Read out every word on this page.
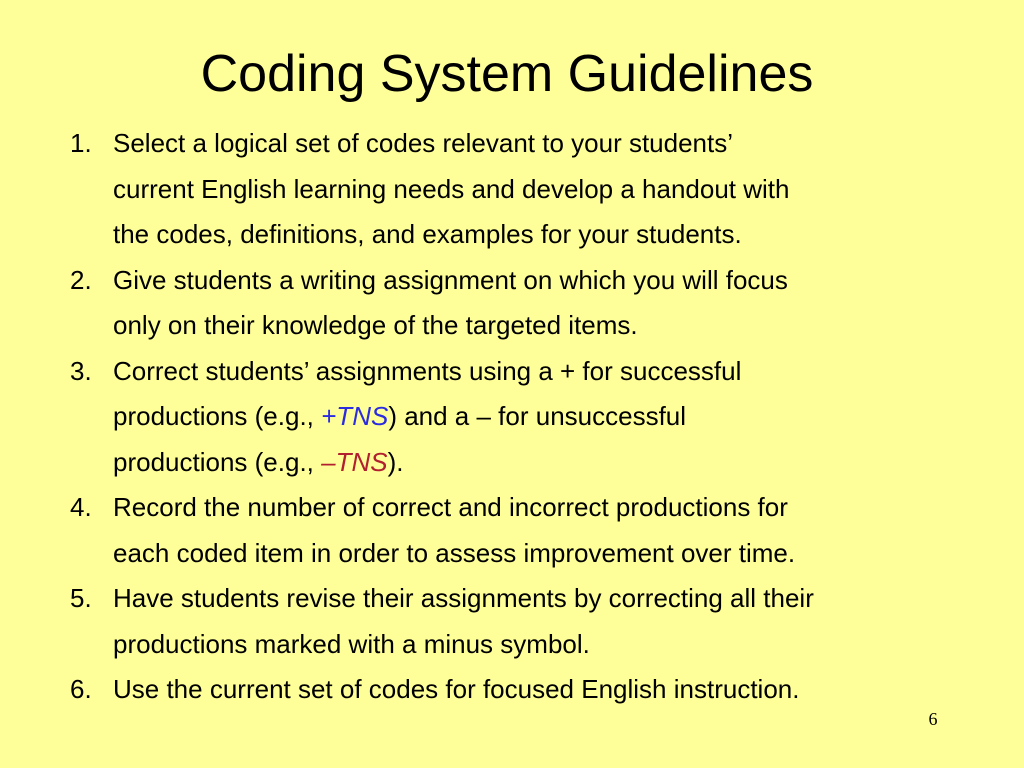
Coding System Guidelines
1. Select a logical set of codes relevant to your students’
current English learning needs and develop a handout with
the codes, definitions, and examples for your students.
2. Give students a writing assignment on which you will focus
only on their knowledge of the targeted items.
3. Correct students’ assignments using a + for successful
productions (e.g., +TNS) and a – for unsuccessful
productions (e.g., –TNS).
4. Record the number of correct and incorrect productions for
each coded item in order to assess improvement over time.
5. Have students revise their assignments by correcting all their
productions marked with a minus symbol.
6. Use the current set of codes for focused English instruction.
6
